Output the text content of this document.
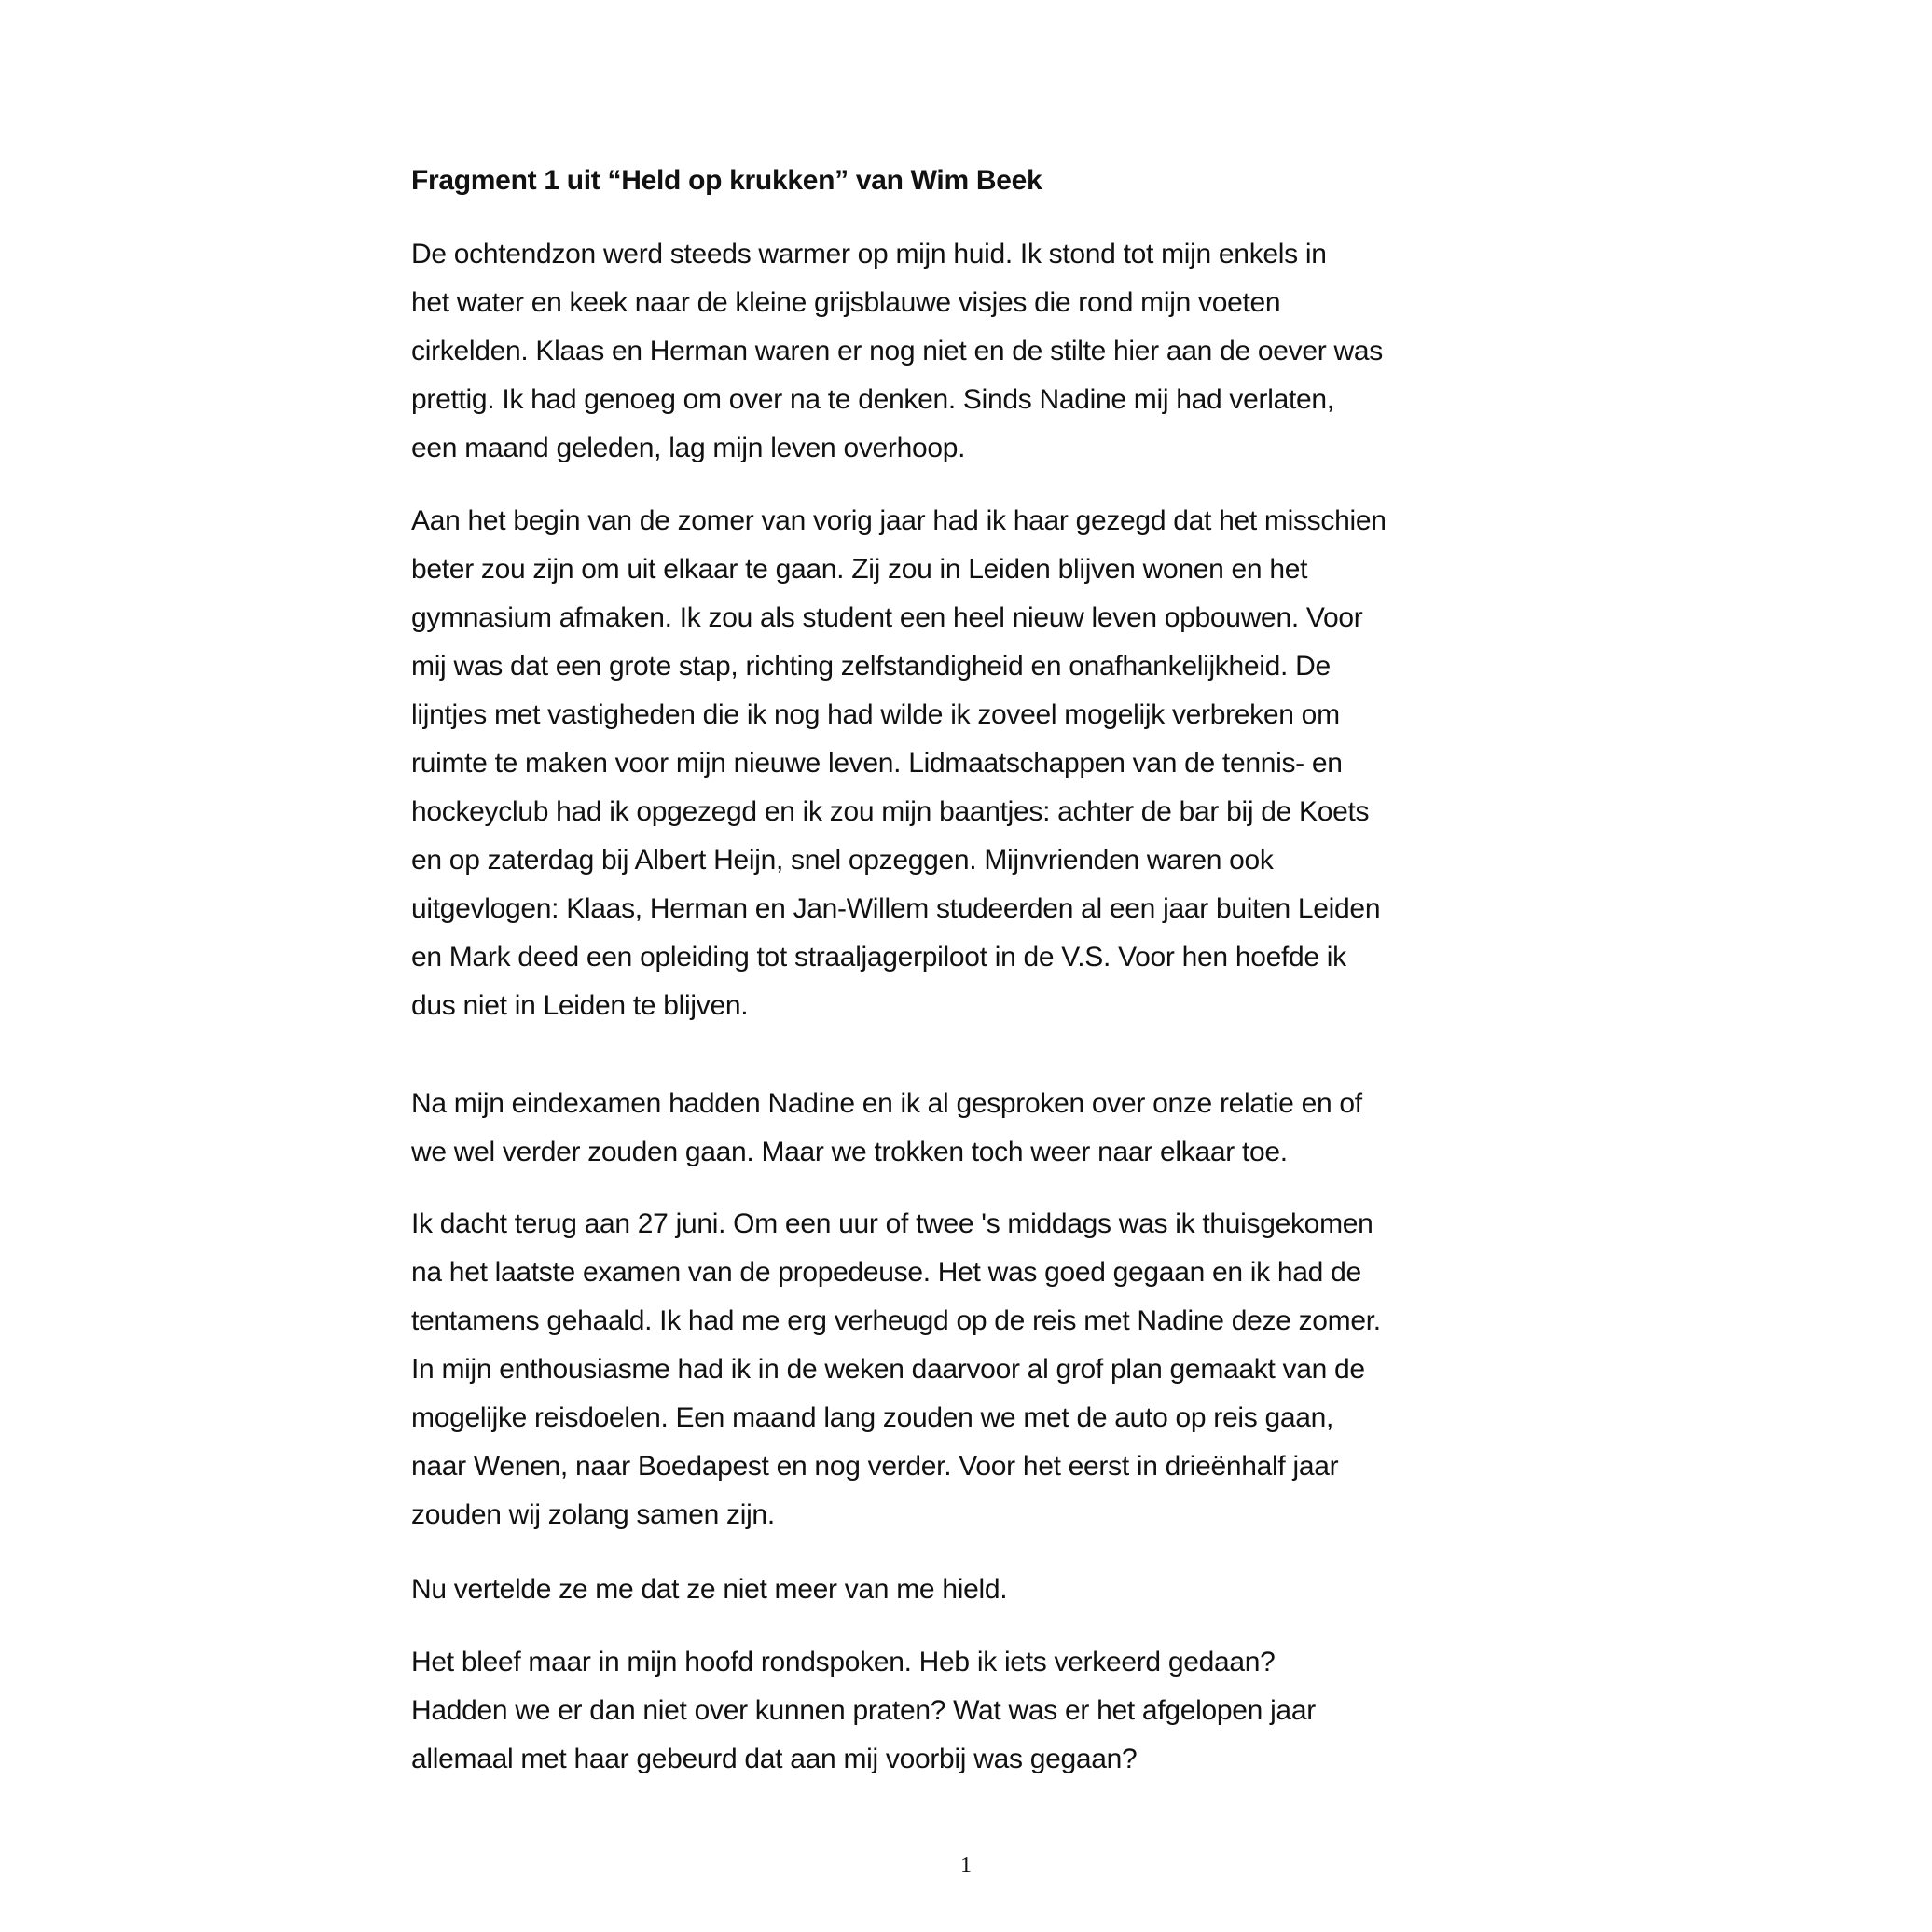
Fragment 1 uit “Held op krukken” van Wim Beek
De ochtendzon werd steeds warmer op mijn huid. Ik stond tot mijn enkels in
het water en keek naar de kleine grijsblauwe visjes die rond mijn voeten
cirkelden. Klaas en Herman waren er nog niet en de stilte hier aan de oever was
prettig. Ik had genoeg om over na te denken. Sinds Nadine mij had verlaten,
een maand geleden, lag mijn leven overhoop.
Aan het begin van de zomer van vorig jaar had ik haar gezegd dat het misschien
beter zou zijn om uit elkaar te gaan. Zij zou in Leiden blijven wonen en het
gymnasium afmaken. Ik zou als student een heel nieuw leven opbouwen. Voor
mij was dat een grote stap, richting zelfstandigheid en onafhankelijkheid. De
lijntjes met vastigheden die ik nog had wilde ik zoveel mogelijk verbreken om
ruimte te maken voor mijn nieuwe leven. Lidmaatschappen van de tennis- en
hockeyclub had ik opgezegd en ik zou mijn baantjes: achter de bar bij de Koets
en op zaterdag bij Albert Heijn, snel opzeggen. Mijnvrienden waren ook
uitgevlogen: Klaas, Herman en Jan-Willem studeerden al een jaar buiten Leiden
en Mark deed een opleiding tot straaljagerpiloot in de V.S. Voor hen hoefde ik
dus niet in Leiden te blijven.
Na mijn eindexamen hadden Nadine en ik al gesproken over onze relatie en of
we wel verder zouden gaan. Maar we trokken toch weer naar elkaar toe.
Ik dacht terug aan 27 juni. Om een uur of twee 's middags was ik thuisgekomen
na het laatste examen van de propedeuse. Het was goed gegaan en ik had de
tentamens gehaald. Ik had me erg verheugd op de reis met Nadine deze zomer.
In mijn enthousiasme had ik in de weken daarvoor al grof plan gemaakt van de
mogelijke reisdoelen. Een maand lang zouden we met de auto op reis gaan,
naar Wenen, naar Boedapest en nog verder. Voor het eerst in drieënhalf jaar
zouden wij zolang samen zijn.
Nu vertelde ze me dat ze niet meer van me hield.
Het bleef maar in mijn hoofd rondspoken. Heb ik iets verkeerd gedaan?
Hadden we er dan niet over kunnen praten? Wat was er het afgelopen jaar
allemaal met haar gebeurd dat aan mij voorbij was gegaan?
1
